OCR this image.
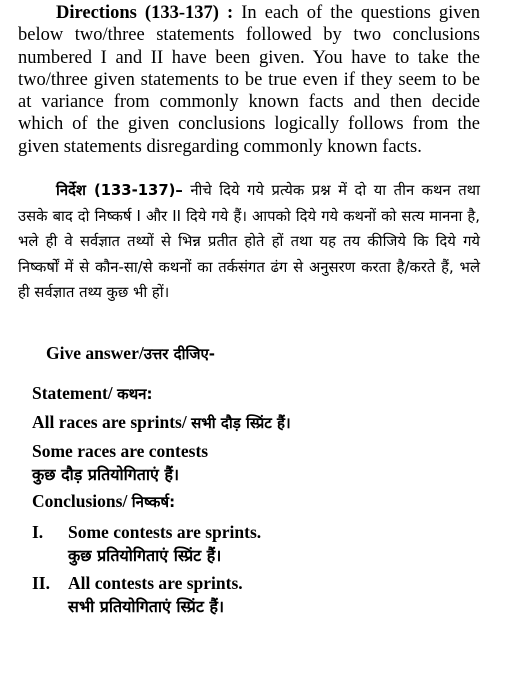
Directions (133-137) : In each of the questions given below two/three statements followed by two conclusions numbered I and II have been given. You have to take the two/three given statements to be true even if they seem to be at variance from commonly known facts and then decide which of the given conclusions logically follows from the given statements disregarding commonly known facts.
निर्देश (133-137)– नीचे दिये गये प्रत्येक प्रश्न में दो या तीन कथन तथा उसके बाद दो निष्कर्ष I और II दिये गये हैं। आपको दिये गये कथनों को सत्य मानना है, भले ही वे सर्वज्ञात तथ्यों से भिन्न प्रतीत होते हों तथा यह तय कीजिये कि दिये गये निष्कर्षों में से कौन-सा/से कथनों का तर्कसंगत ढंग से अनुसरण करता है/करते हैं, भले ही सर्वज्ञात तथ्य कुछ भी हों।
Give answer/उत्तर दीजिए-
Statement/ कथन:
All races are sprints/ सभी दौड़ स्प्रिंट हैं।
Some races are contests
कुछ दौड़ प्रतियोगिताएं हैं।
Conclusions/ निष्कर्ष:
I. Some contests are sprints.
कुछ प्रतियोगिताएं स्प्रिंट हैं।
II. All contests are sprints.
सभी प्रतियोगिताएं स्प्रिंट हैं।
